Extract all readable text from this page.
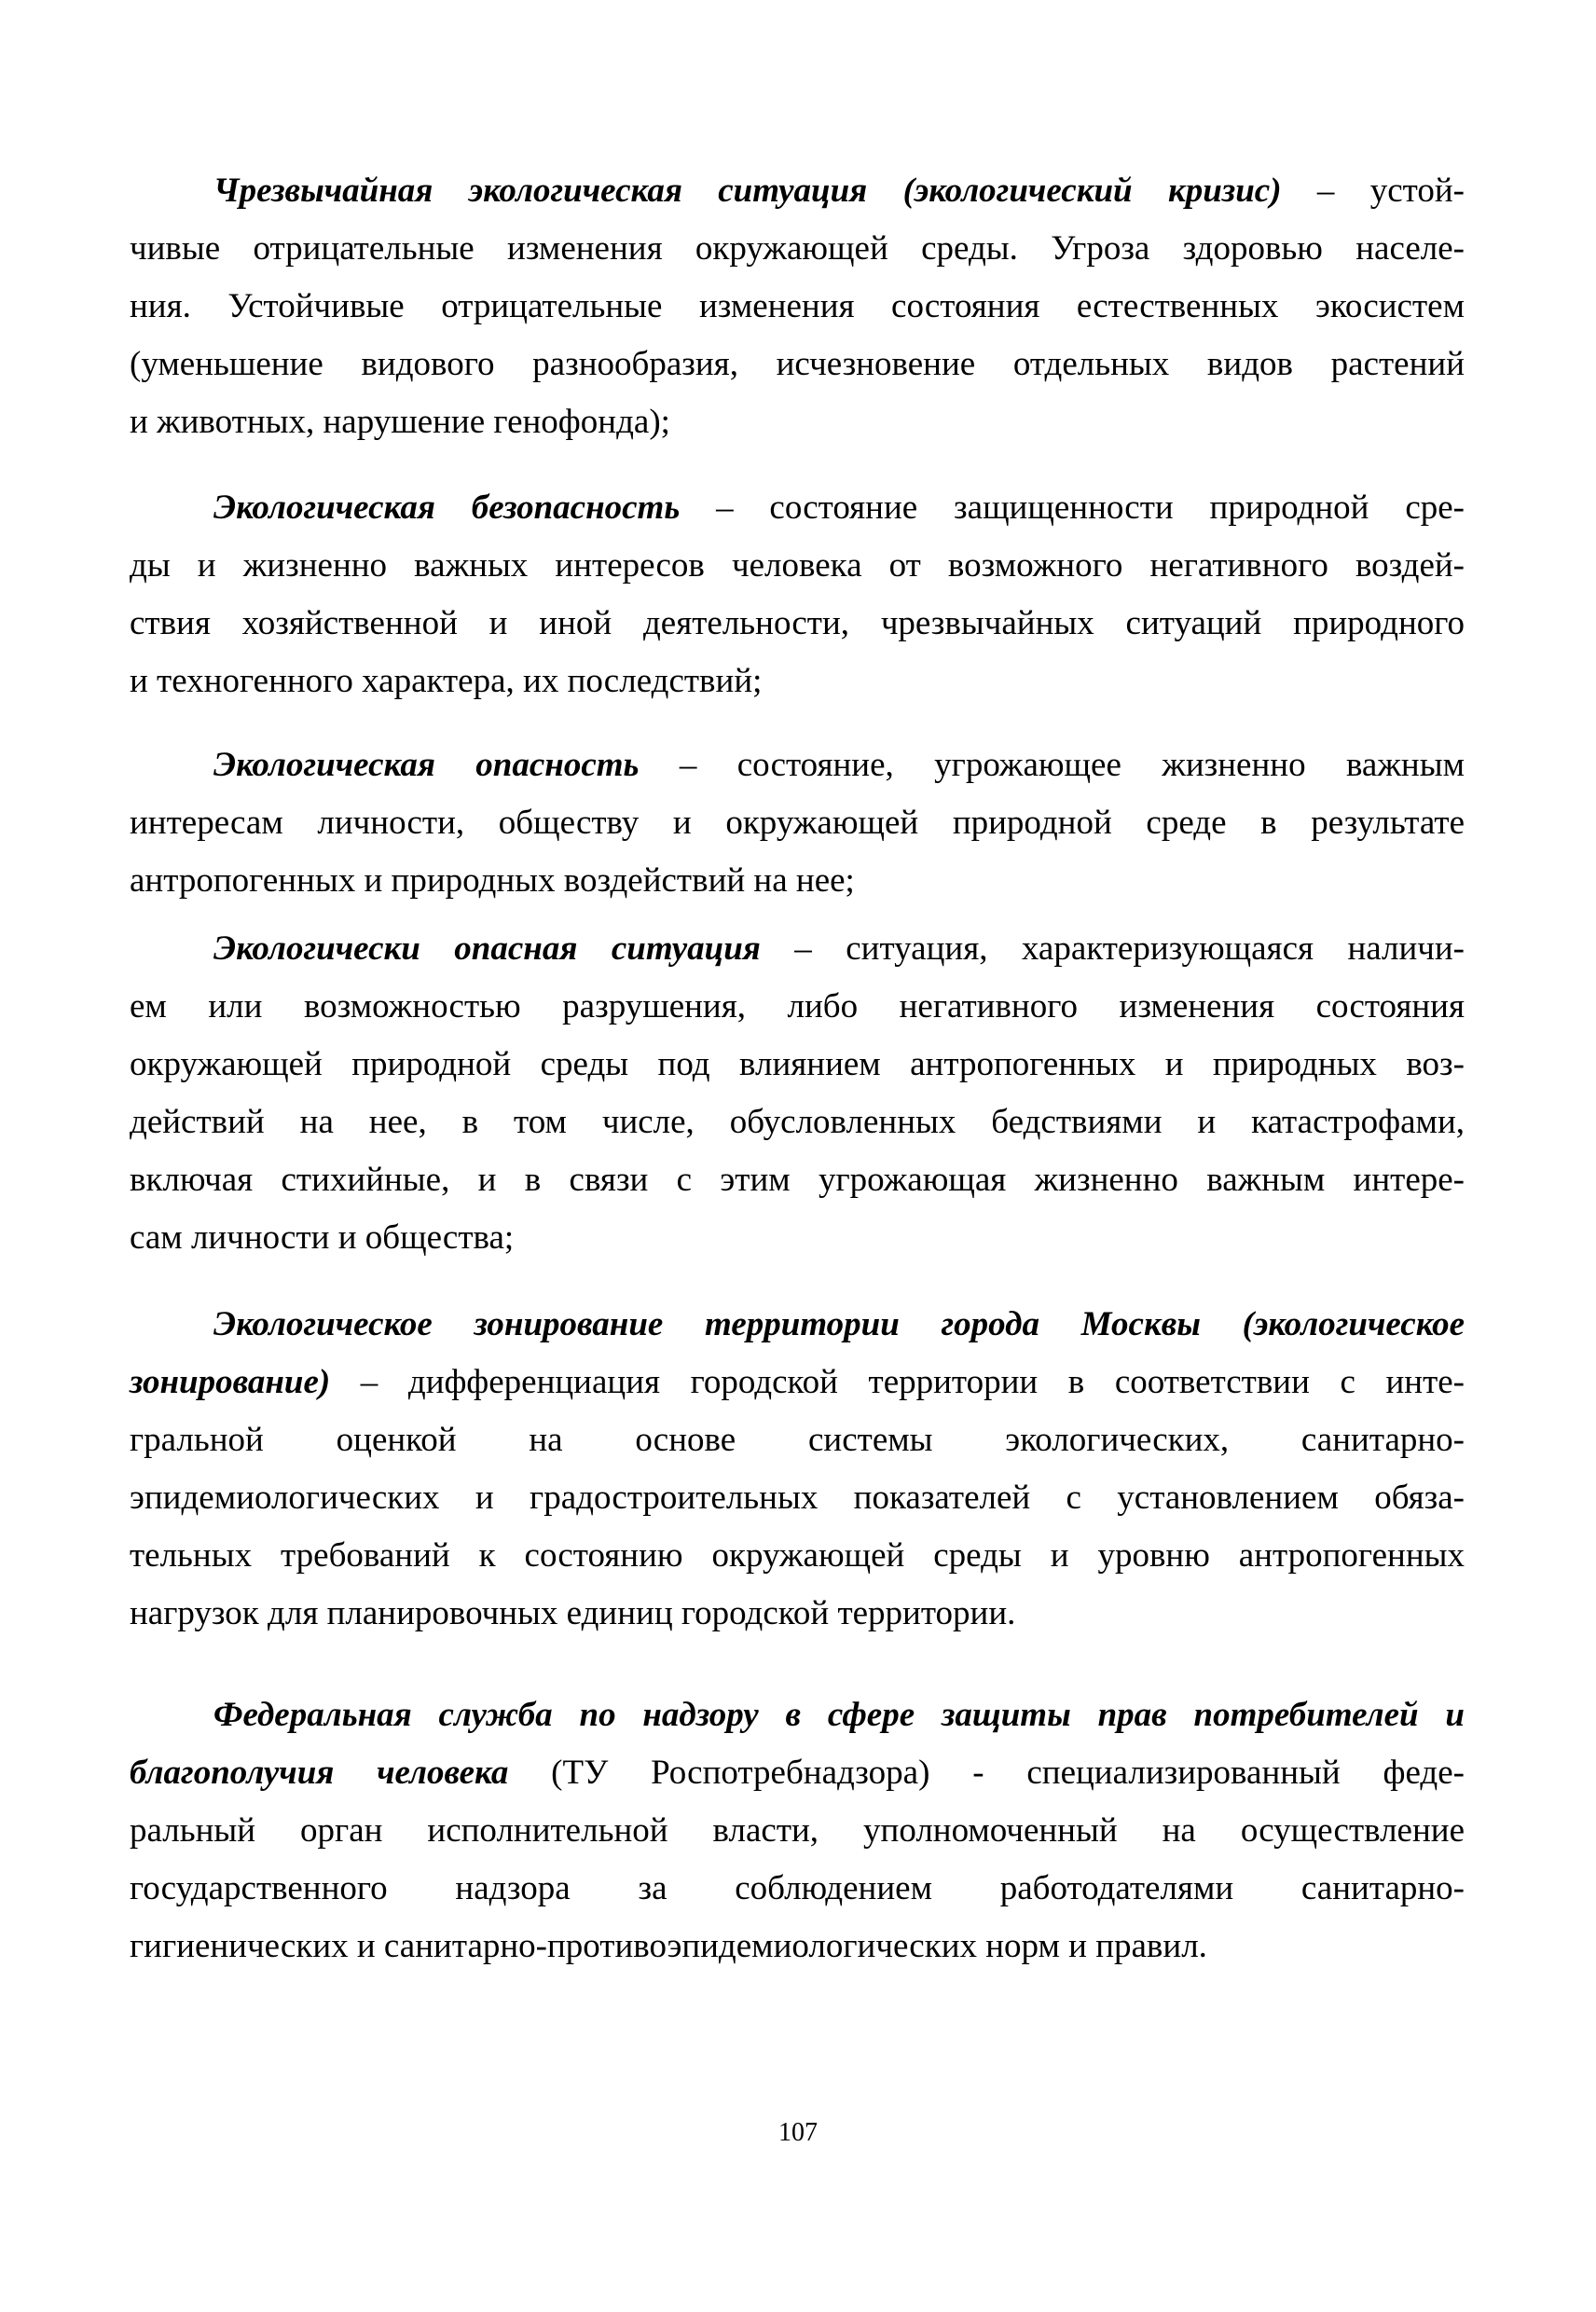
Чрезвычайная экологическая ситуация (экологический кризис) – устой-
чивые отрицательные изменения окружающей среды. Угроза здоровью населе-
ния. Устойчивые отрицательные изменения состояния естественных экосистем
(уменьшение видового разнообразия, исчезновение отдельных видов растений
и животных, нарушение генофонда);
Экологическая безопасность – состояние защищенности природной сре-
ды и жизненно важных интересов человека от возможного негативного воздей-
ствия хозяйственной и иной деятельности, чрезвычайных ситуаций природного
и техногенного характера, их последствий;
Экологическая опасность – состояние, угрожающее жизненно важным
интересам личности, обществу и окружающей природной среде в результате
антропогенных и природных воздействий на нее;
Экологически опасная ситуация – ситуация, характеризующаяся наличи-
ем или возможностью разрушения, либо негативного изменения состояния
окружающей природной среды под влиянием антропогенных и природных воз-
действий на нее, в том числе, обусловленных бедствиями и катастрофами,
включая стихийные, и в связи с этим угрожающая жизненно важным интере-
сам личности и общества;
Экологическое зонирование территории города Москвы (экологическое
зонирование) – дифференциация городской территории в соответствии с инте-
гральной оценкой на основе системы экологических, санитарно-
эпидемиологических и градостроительных показателей с установлением обяза-
тельных требований к состоянию окружающей среды и уровню антропогенных
нагрузок для планировочных единиц городской территории.
Федеральная служба по надзору в сфере защиты прав потребителей и
благополучия человека (ТУ Роспотребнадзора) - специализированный феде-
ральный орган исполнительной власти, уполномоченный на осуществление
государственного надзора за соблюдением работодателями санитарно-
гигиенических и санитарно-противоэпидемиологических норм и правил.
107
